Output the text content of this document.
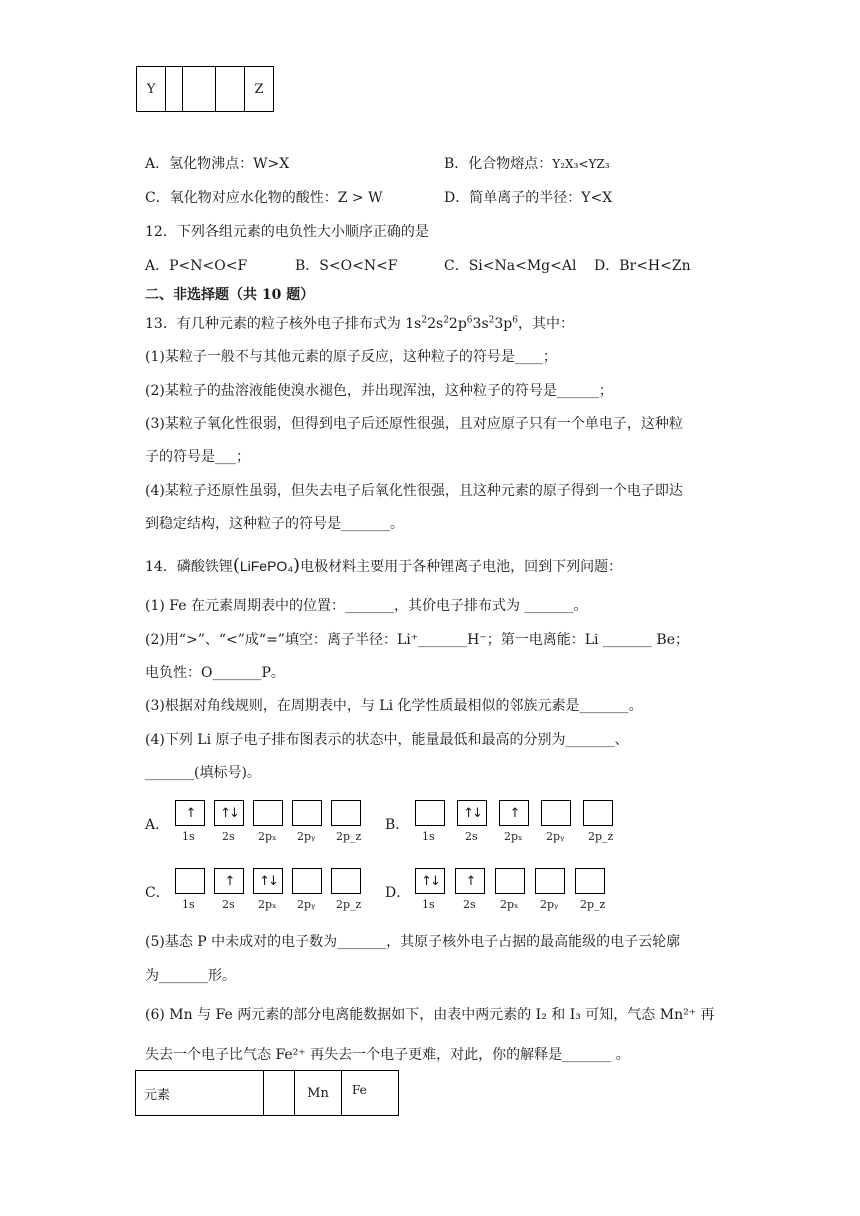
Y				Z
A．氢化物沸点：W>X	B．化合物熔点：Y₂X₃<YZ₃
C．氧化物对应水化物的酸性：Z > W	D．简单离子的半径：Y<X
12．下列各组元素的电负性大小顺序正确的是
A．P<N<O<F	B．S<O<N<F	C．Si<Na<Mg<Al D．Br<H<Zn
二、非选择题（共 10 题）
13．有几种元素的粒子核外电子排布式为 $1s^22s^22p^63s^23p^6$，其中：
(1)某粒子一般不与其他元素的原子反应，这种粒子的符号是____；
(2)某粒子的盐溶液能使溴水褪色，并出现浑浊，这种粒子的符号是______；
(3)某粒子氧化性很弱，但得到电子后还原性很强，且对应原子只有一个单电子，这种粒
子的符号是___；
(4)某粒子还原性虽弱，但失去电子后氧化性很强，且这种元素的原子得到一个电子即达
到稳定结构，这种粒子的符号是_______。
14．磷酸铁锂(LiFePO₄)电极材料主要用于各种锂离子电池，回到下列问题：
(1) Fe 在元素周期表中的位置：_______，其价电子排布式为 _______。
(2)用“>”、“<”成“=”填空：离子半径：Li⁺_______H⁻；第一电离能：Li _______ Be；
电负性：O_______P。
(3)根据对角线规则，在周期表中，与 Li 化学性质最相似的邻族元素是_______。
(4)下列 Li 原子电子排布图表示的状态中，能量最低和最高的分别为_______、
_______(填标号)。
A．
↑ ↑↓
1s 2s 2pₓ 2pᵧ 2p_z
B．
↑↓ ↑
1s	2s 2pₓ 2pᵧ 2p_z
C．
↑ ↑↓
1s 2s 2pₓ 2pᵧ 2p_z
D．
↑↓ ↑
1s	2s 2pₓ 2pᵧ 2p_z
(5)基态 P 中未成对的电子数为_______，其原子核外电子占据的最高能级的电子云轮廓
为_______形。
(6) Mn 与 Fe 两元素的部分电离能数据如下，由表中两元素的 I₂ 和 I₃ 可知，气态 Mn²⁺ 再
失去一个电子比气态 Fe²⁺ 再失去一个电子更难，对此，你的解释是_______ 。
元素		Mn	Fe
